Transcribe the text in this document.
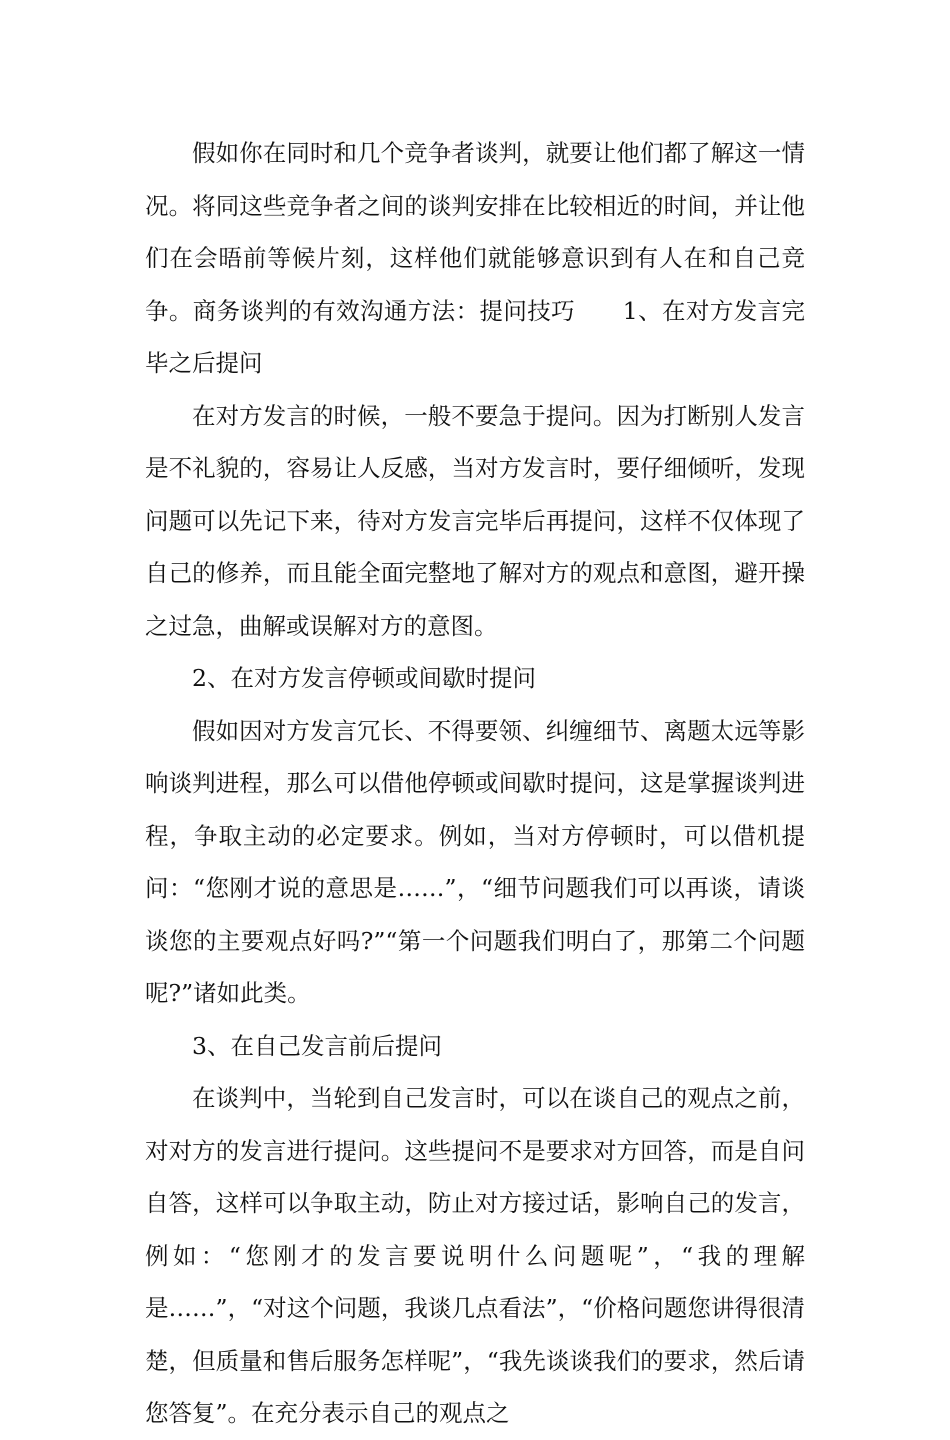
假如你在同时和几个竞争者谈判，就要让他们都了解这一情况。将同这些竞争者之间的谈判安排在比较相近的时间，并让他们在会晤前等候片刻，这样他们就能够意识到有人在和自己竞争。商务谈判的有效沟通方法：提问技巧　　1、在对方发言完毕之后提问

在对方发言的时候，一般不要急于提问。因为打断别人发言是不礼貌的，容易让人反感，当对方发言时，要仔细倾听，发现问题可以先记下来，待对方发言完毕后再提问，这样不仅体现了自己的修养，而且能全面完整地了解对方的观点和意图，避开操之过急，曲解或误解对方的意图。

2、在对方发言停顿或间歇时提问

假如因对方发言冗长、不得要领、纠缠细节、离题太远等影响谈判进程，那么可以借他停顿或间歇时提问，这是掌握谈判进程，争取主动的必定要求。例如，当对方停顿时，可以借机提问：“您刚才说的意思是……”，“细节问题我们可以再谈，请谈谈您的主要观点好吗?”“第一个问题我们明白了，那第二个问题呢?”诸如此类。

3、在自己发言前后提问

在谈判中，当轮到自己发言时，可以在谈自己的观点之前，对对方的发言进行提问。这些提问不是要求对方回答，而是自问自答，这样可以争取主动，防止对方接过话，影响自己的发言，例如：“您刚才的发言要说明什么问题呢”，“我的理解是……”，“对这个问题，我谈几点看法”，“价格问题您讲得很清楚，但质量和售后服务怎样呢”，“我先谈谈我们的要求，然后请您答复”。在充分表示自己的观点之
